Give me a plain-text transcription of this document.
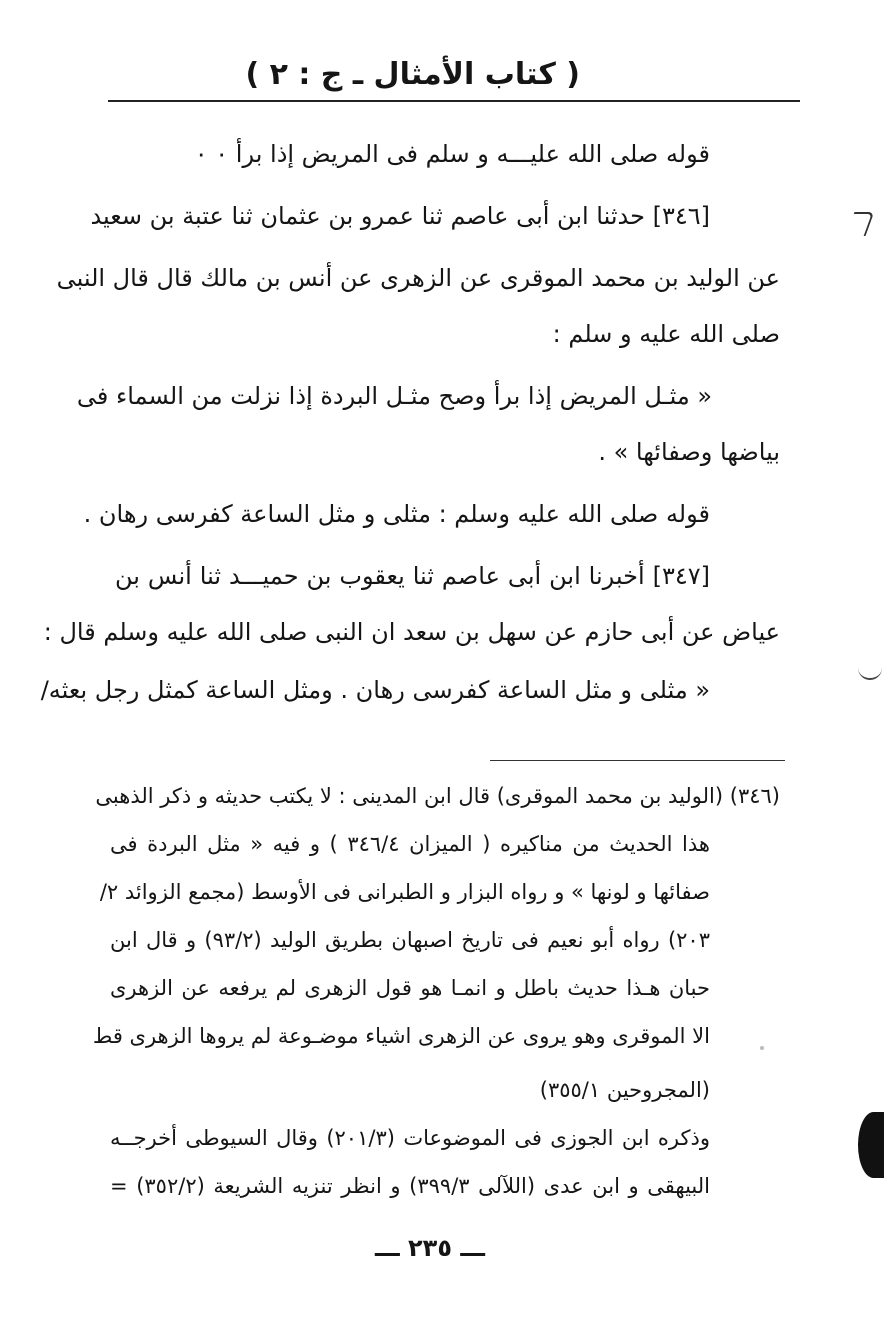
( كتاب الأمثال ـ ج : ٢ )
قوله صلى الله عليـــه و سلم فى المريض إذا برأ ٠ ٠
[٣٤٦] حدثنا ابن أبى عاصم ثنا عمرو بن عثمان ثنا عتبة بن سعيد
عن الوليد بن محمد الموقرى عن الزهرى عن أنس بن مالك قال قال النبى
صلى الله عليه و سلم :
« مثـل المريض إذا برأ وصح مثـل البردة إذا نزلت من السماء فى
بياضها وصفائها » .
قوله صلى الله عليه وسلم : مثلى و مثل الساعة كفرسى رهان .
[٣٤٧] أخبرنا ابن أبى عاصم ثنا يعقوب بن حميـــد ثنا أنس بن
عياض عن أبى حازم عن سهل بن سعد ان النبى صلى الله عليه وسلم قال :
« مثلى و مثل الساعة كفرسى رهان . ومثل الساعة كمثل رجل بعثه/
(٣٤٦) (الوليد بن محمد الموقرى) قال ابن المدينى : لا يكتب حديثه و ذكر الذهبى
هذا الحديث من مناكيره ( الميزان ٣٤٦/٤ ) و فيه « مثل البردة فى
صفائها و لونها » و رواه البزار و الطبرانى فى الأوسط (مجمع الزوائد ٢/
٢٠٣) رواه أبو نعيم فى تاريخ اصبهان بطريق الوليد (٩٣/٢) و قال ابن
حبان هـذا حديث باطل و انمـا هو قول الزهرى لم يرفعه عن الزهرى
الا الموقرى وهو يروى عن الزهرى اشياء موضـوعة لم يروها الزهرى قط
(المجروحين ٣٥٥/١)
وذكره ابن الجوزى فى الموضوعات (٢٠١/٣) وقال السيوطى أخرجــه
البيهقى و ابن عدى (اللآلى ٣٩٩/٣) و انظر تنزيه الشريعة (٣٥٢/٢) =
ـــ ٢٣٥ ـــ
